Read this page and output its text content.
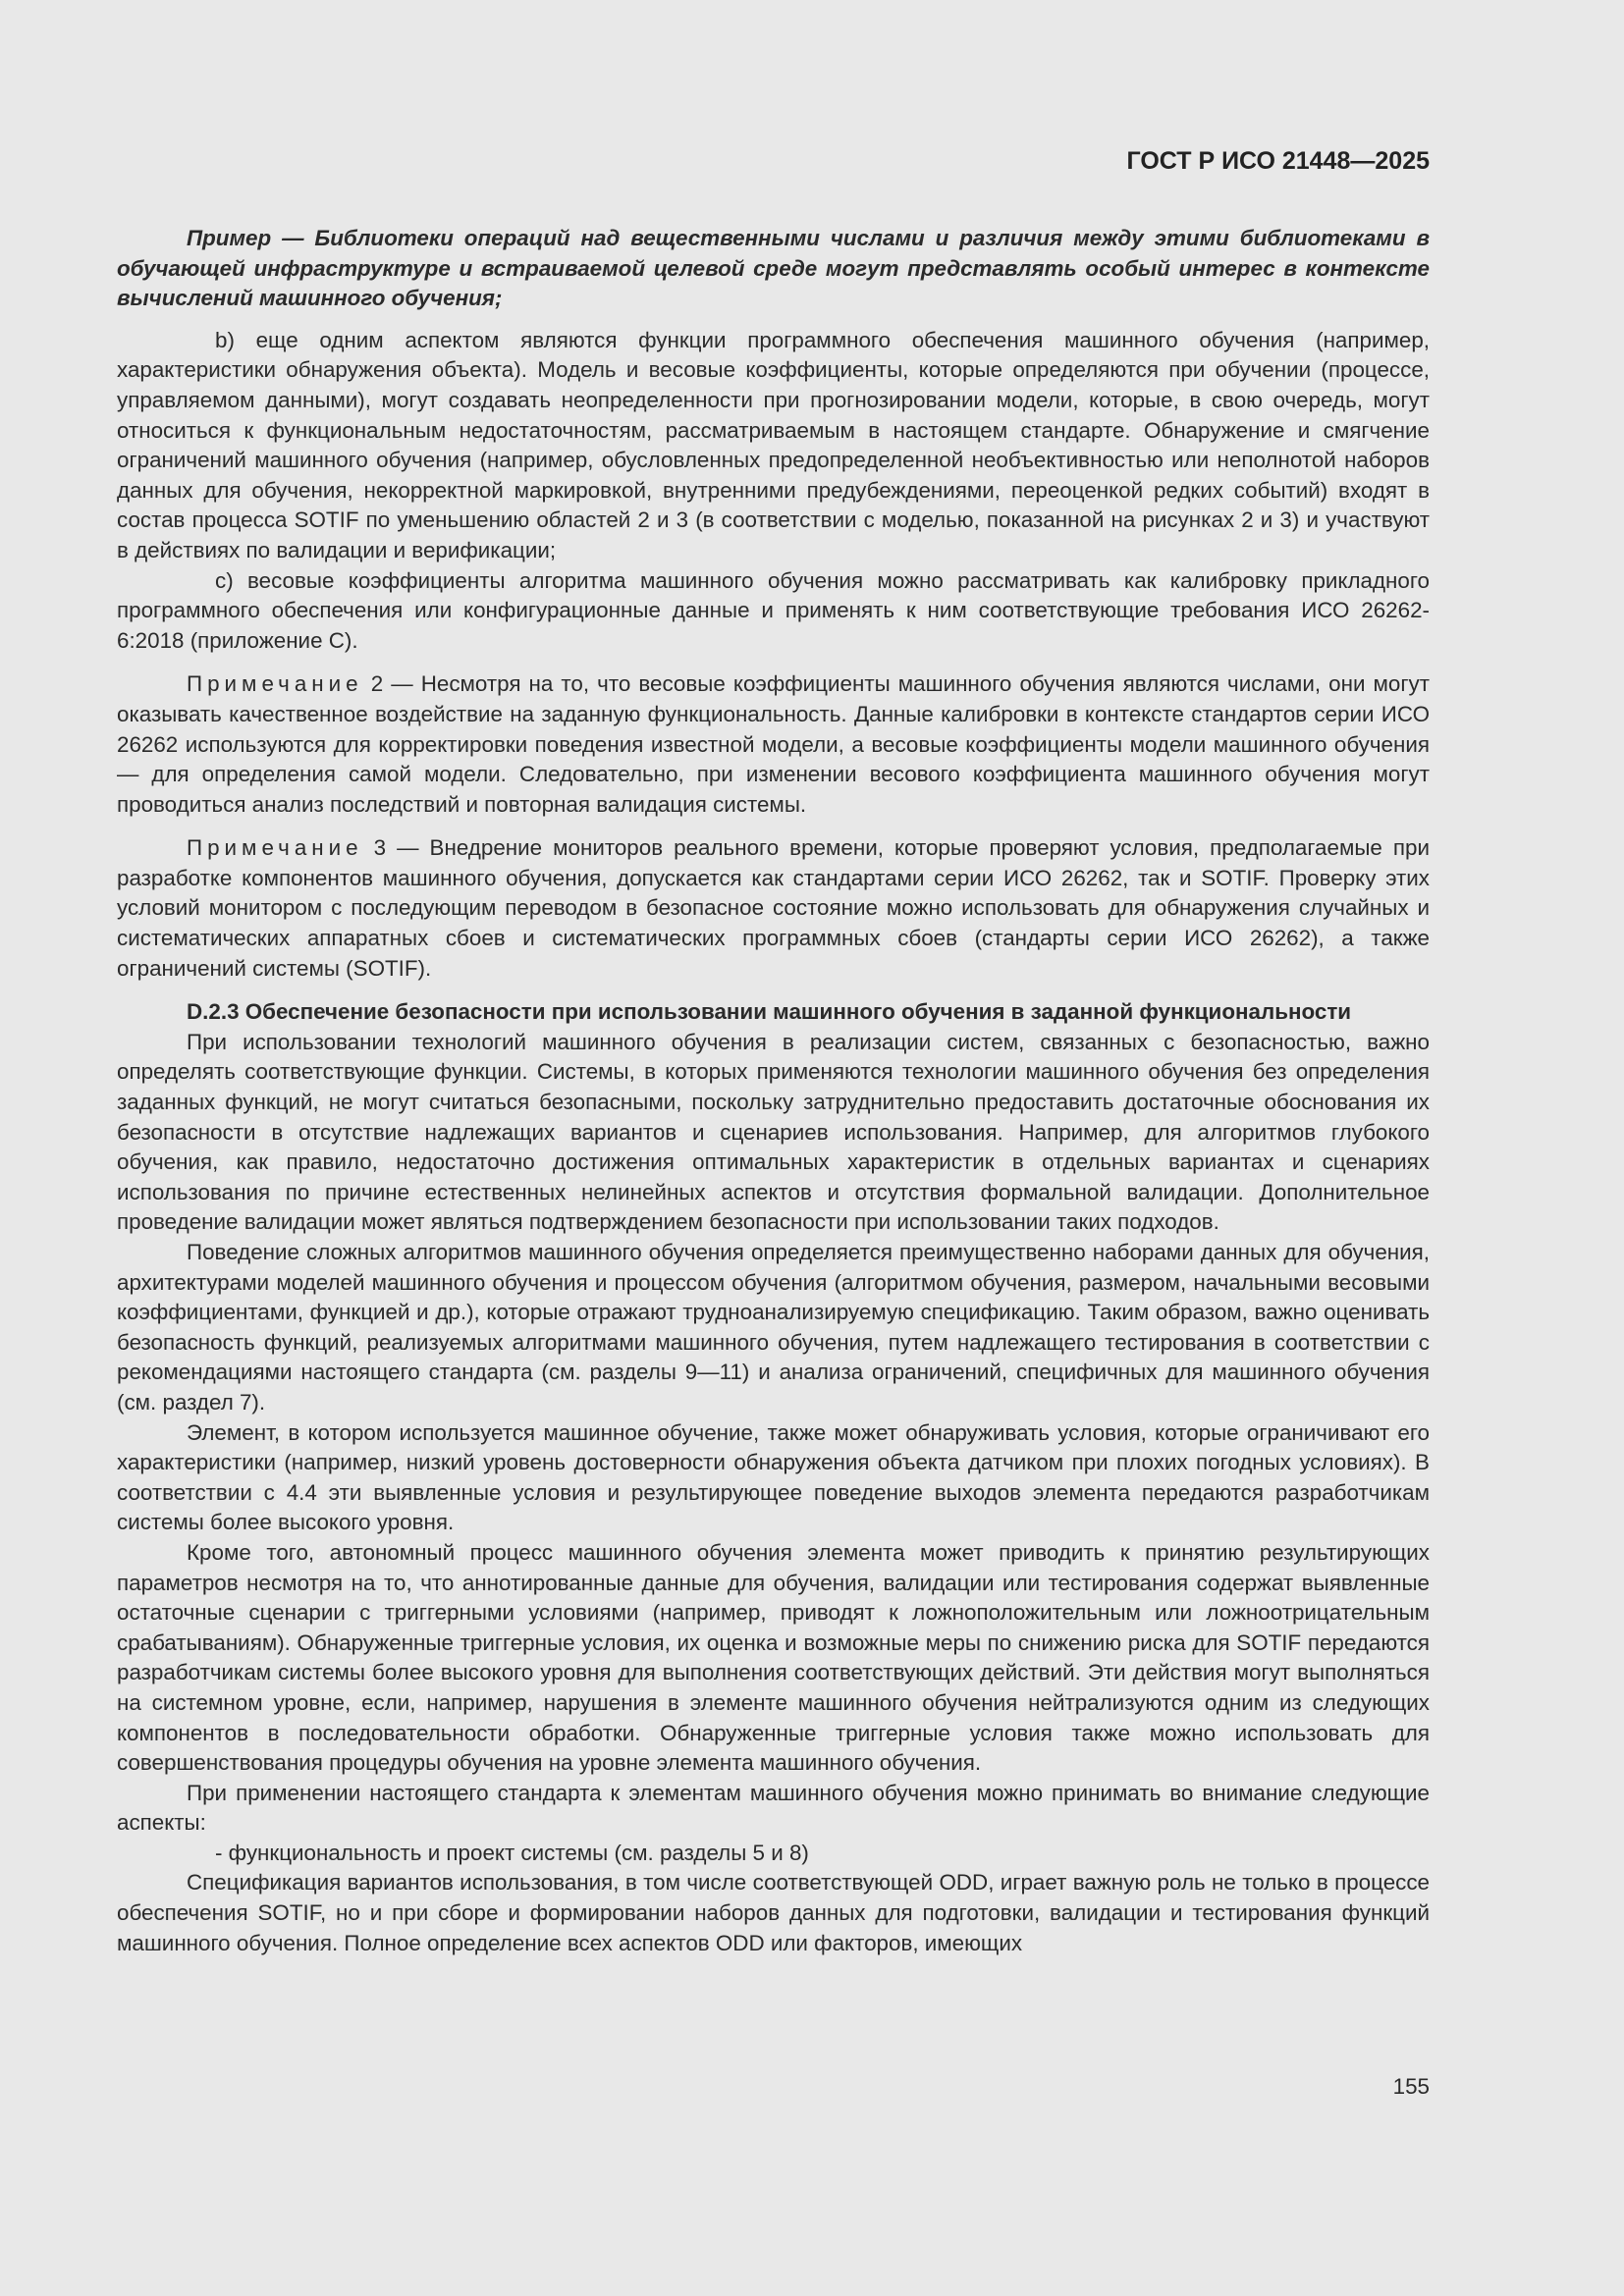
ГОСТ Р ИСО 21448—2025

Пример — Библиотеки операций над вещественными числами и различия между этими библиотеками в обучающей инфраструктуре и встраиваемой целевой среде могут представлять особый интерес в контексте вычислений машинного обучения;

b) еще одним аспектом являются функции программного обеспечения машинного обучения (например, характеристики обнаружения объекта). Модель и весовые коэффициенты, которые определяются при обучении (процессе, управляемом данными), могут создавать неопределенности при прогнозировании модели, которые, в свою очередь, могут относиться к функциональным недостаточностям, рассматриваемым в настоящем стандарте. Обнаружение и смягчение ограничений машинного обучения (например, обусловленных предопределенной необъективностью или неполнотой наборов данных для обучения, некорректной маркировкой, внутренними предубеждениями, переоценкой редких событий) входят в состав процесса SOTIF по уменьшению областей 2 и 3 (в соответствии с моделью, показанной на рисунках 2 и 3) и участвуют в действиях по валидации и верификации;

c) весовые коэффициенты алгоритма машинного обучения можно рассматривать как калибровку прикладного программного обеспечения или конфигурационные данные и применять к ним соответствующие требования ИСО 26262-6:2018 (приложение С).

Примечание 2 — Несмотря на то, что весовые коэффициенты машинного обучения являются числами, они могут оказывать качественное воздействие на заданную функциональность. Данные калибровки в контексте стандартов серии ИСО 26262 используются для корректировки поведения известной модели, а весовые коэффициенты модели машинного обучения — для определения самой модели. Следовательно, при изменении весового коэффициента машинного обучения могут проводиться анализ последствий и повторная валидация системы.

Примечание 3 — Внедрение мониторов реального времени, которые проверяют условия, предполагаемые при разработке компонентов машинного обучения, допускается как стандартами серии ИСО 26262, так и SOTIF. Проверку этих условий монитором с последующим переводом в безопасное состояние можно использовать для обнаружения случайных и систематических аппаратных сбоев и систематических программных сбоев (стандарты серии ИСО 26262), а также ограничений системы (SOTIF).

D.2.3 Обеспечение безопасности при использовании машинного обучения в заданной функциональности

При использовании технологий машинного обучения в реализации систем, связанных с безопасностью, важно определять соответствующие функции. Системы, в которых применяются технологии машинного обучения без определения заданных функций, не могут считаться безопасными, поскольку затруднительно предоставить достаточные обоснования их безопасности в отсутствие надлежащих вариантов и сценариев использования. Например, для алгоритмов глубокого обучения, как правило, недостаточно достижения оптимальных характеристик в отдельных вариантах и сценариях использования по причине естественных нелинейных аспектов и отсутствия формальной валидации. Дополнительное проведение валидации может являться подтверждением безопасности при использовании таких подходов.

Поведение сложных алгоритмов машинного обучения определяется преимущественно наборами данных для обучения, архитектурами моделей машинного обучения и процессом обучения (алгоритмом обучения, размером, начальными весовыми коэффициентами, функцией и др.), которые отражают трудноанализируемую спецификацию. Таким образом, важно оценивать безопасность функций, реализуемых алгоритмами машинного обучения, путем надлежащего тестирования в соответствии с рекомендациями настоящего стандарта (см. разделы 9—11) и анализа ограничений, специфичных для машинного обучения (см. раздел 7).

Элемент, в котором используется машинное обучение, также может обнаруживать условия, которые ограничивают его характеристики (например, низкий уровень достоверности обнаружения объекта датчиком при плохих погодных условиях). В соответствии с 4.4 эти выявленные условия и результирующее поведение выходов элемента передаются разработчикам системы более высокого уровня.

Кроме того, автономный процесс машинного обучения элемента может приводить к принятию результирующих параметров несмотря на то, что аннотированные данные для обучения, валидации или тестирования содержат выявленные остаточные сценарии с триггерными условиями (например, приводят к ложноположительным или ложноотрицательным срабатываниям). Обнаруженные триггерные условия, их оценка и возможные меры по снижению риска для SOTIF передаются разработчикам системы более высокого уровня для выполнения соответствующих действий. Эти действия могут выполняться на системном уровне, если, например, нарушения в элементе машинного обучения нейтрализуются одним из следующих компонентов в последовательности обработки. Обнаруженные триггерные условия также можно использовать для совершенствования процедуры обучения на уровне элемента машинного обучения.

При применении настоящего стандарта к элементам машинного обучения можно принимать во внимание следующие аспекты:

- функциональность и проект системы (см. разделы 5 и 8)

Спецификация вариантов использования, в том числе соответствующей ODD, играет важную роль не только в процессе обеспечения SOTIF, но и при сборе и формировании наборов данных для подготовки, валидации и тестирования функций машинного обучения. Полное определение всех аспектов ODD или факторов, имеющих

155
